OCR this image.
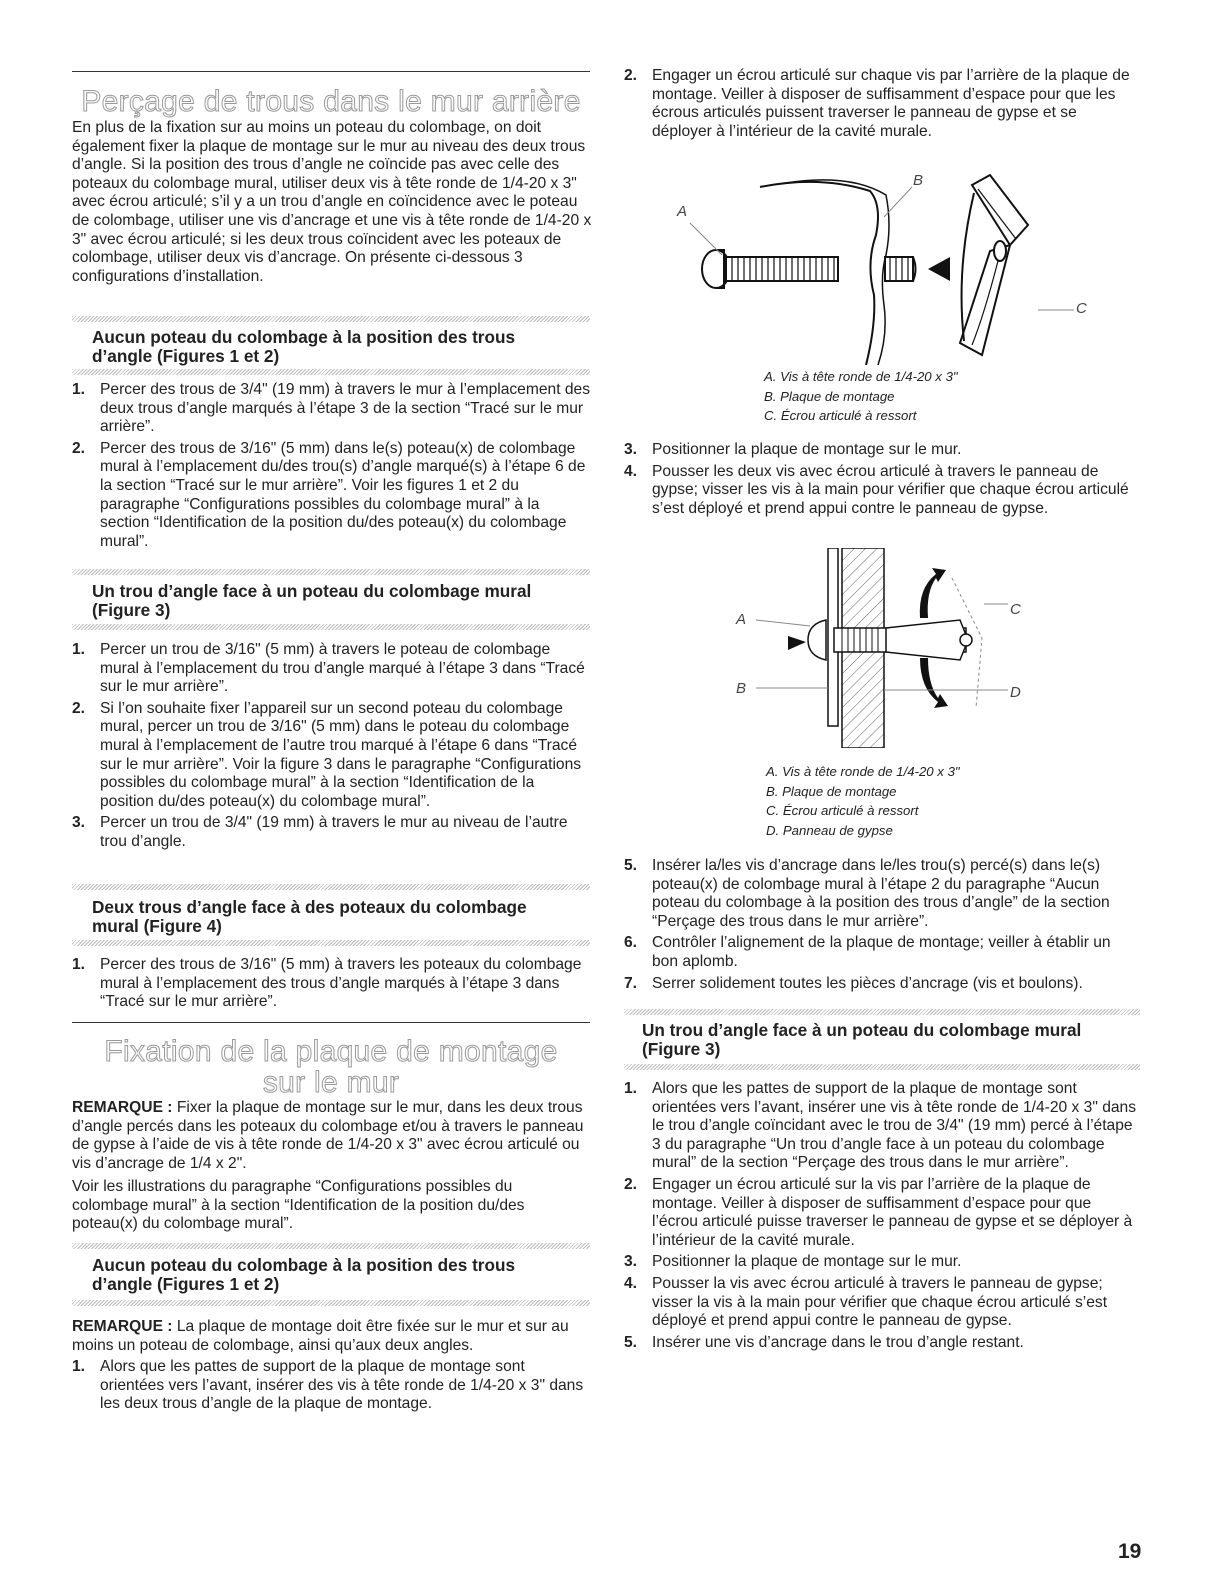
Perçage de trous dans le mur arrière

En plus de la fixation sur au moins un poteau du colombage, on doit également fixer la plaque de montage sur le mur au niveau des deux trous d’angle. Si la position des trous d’angle ne coïncide pas avec celle des poteaux du colombage mural, utiliser deux vis à tête ronde de 1/4-20 x 3" avec écrou articulé; s’il y a un trou d’angle en coïncidence avec le poteau de colombage, utiliser une vis d’ancrage et une vis à tête ronde de 1/4-20 x 3" avec écrou articulé; si les deux trous coïncident avec les poteaux de colombage, utiliser deux vis d’ancrage. On présente ci-dessous 3 configurations d’installation.

Aucun poteau du colombage à la position des trous d’angle (Figures 1 et 2)
1. Percer des trous de 3/4" (19 mm) à travers le mur à l’emplacement des deux trous d’angle marqués à l’étape 3 de la section “Tracé sur le mur arrière”.
2. Percer des trous de 3/16" (5 mm) dans le(s) poteau(x) de colombage mural à l’emplacement du/des trou(s) d’angle marqué(s) à l’étape 6 de la section “Tracé sur le mur arrière”. Voir les figures 1 et 2 du paragraphe “Configurations possibles du colombage mural” à la section “Identification de la position du/des poteau(x) du colombage mural”.
Un trou d’angle face à un poteau du colombage mural (Figure 3)
1. Percer un trou de 3/16" (5 mm) à travers le poteau de colombage mural à l’emplacement du trou d’angle marqué à l’étape 3 dans “Tracé sur le mur arrière”.
2. Si l’on souhaite fixer l’appareil sur un second poteau du colombage mural, percer un trou de 3/16" (5 mm) dans le poteau du colombage mural à l’emplacement de l’autre trou marqué à l’étape 6 dans “Tracé sur le mur arrière”. Voir la figure 3 dans le paragraphe “Configurations possibles du colombage mural” à la section “Identification de la position du/des poteau(x) du colombage mural”.
3. Percer un trou de 3/4" (19 mm) à travers le mur au niveau de l’autre trou d’angle.
Deux trous d’angle face à des poteaux du colombage mural (Figure 4)
1. Percer des trous de 3/16" (5 mm) à travers les poteaux du colombage mural à l’emplacement des trous d’angle marqués à l’étape 3 dans “Tracé sur le mur arrière”.
Fixation de la plaque de montage sur le mur

REMARQUE : Fixer la plaque de montage sur le mur, dans les deux trous d’angle percés dans les poteaux du colombage et/ou à travers le panneau de gypse à l’aide de vis à tête ronde de 1/4-20 x 3" avec écrou articulé ou vis d’ancrage de 1/4 x 2".

Voir les illustrations du paragraphe “Configurations possibles du colombage mural” à la section “Identification de la position du/des poteau(x) du colombage mural”.

Aucun poteau du colombage à la position des trous d’angle (Figures 1 et 2)

REMARQUE : La plaque de montage doit être fixée sur le mur et sur au moins un poteau de colombage, ainsi qu’aux deux angles.

1. Alors que les pattes de support de la plaque de montage sont orientées vers l’avant, insérer des vis à tête ronde de 1/4-20 x 3" dans les deux trous d’angle de la plaque de montage.
2. Engager un écrou articulé sur chaque vis par l’arrière de la plaque de montage. Veiller à disposer de suffisamment d’espace pour que les écrous articulés puissent traverser le panneau de gypse et se déployer à l’intérieur de la cavité murale.
A
B
C
A. Vis à tête ronde de 1/4-20 x 3"
B. Plaque de montage
C. Écrou articulé à ressort
3. Positionner la plaque de montage sur le mur.
4. Pousser les deux vis avec écrou articulé à travers le panneau de gypse; visser les vis à la main pour vérifier que chaque écrou articulé s’est déployé et prend appui contre le panneau de gypse.
A
B
C
D
A. Vis à tête ronde de 1/4-20 x 3"
B. Plaque de montage
C. Écrou articulé à ressort
D. Panneau de gypse
5. Insérer la/les vis d’ancrage dans le/les trou(s) percé(s) dans le(s) poteau(x) de colombage mural à l’étape 2 du paragraphe “Aucun poteau du colombage à la position des trous d’angle” de la section “Perçage des trous dans le mur arrière”.
6. Contrôler l’alignement de la plaque de montage; veiller à établir un bon aplomb.
7. Serrer solidement toutes les pièces d’ancrage (vis et boulons).
Un trou d’angle face à un poteau du colombage mural (Figure 3)
1. Alors que les pattes de support de la plaque de montage sont orientées vers l’avant, insérer une vis à tête ronde de 1/4-20 x 3" dans le trou d’angle coïncidant avec le trou de 3/4" (19 mm) percé à l’étape 3 du paragraphe “Un trou d’angle face à un poteau du colombage mural” de la section “Perçage des trous dans le mur arrière”.
2. Engager un écrou articulé sur la vis par l’arrière de la plaque de montage. Veiller à disposer de suffisamment d’espace pour que l’écrou articulé puisse traverser le panneau de gypse et se déployer à l’intérieur de la cavité murale.
3. Positionner la plaque de montage sur le mur.
4. Pousser la vis avec écrou articulé à travers le panneau de gypse; visser la vis à la main pour vérifier que chaque écrou articulé s’est déployé et prend appui contre le panneau de gypse.
5. Insérer une vis d’ancrage dans le trou d’angle restant.
19
